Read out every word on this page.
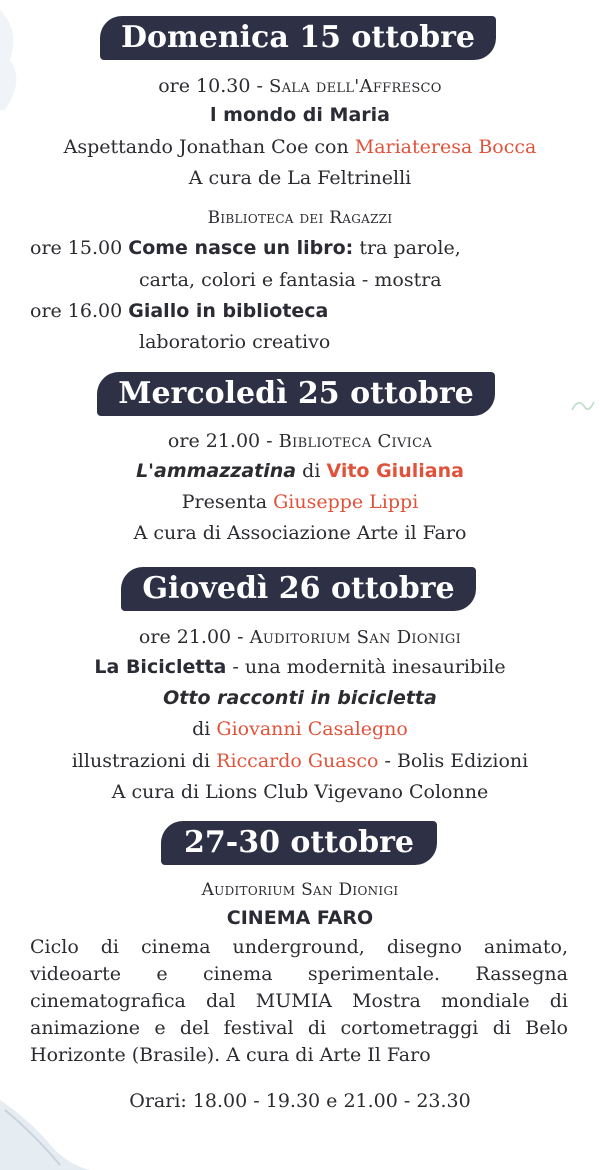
Domenica 15 ottobre
ore 10.30 - Sala dell'Affresco
l mondo di Maria
Aspettando Jonathan Coe con Mariateresa Bocca
A cura de La Feltrinelli
Biblioteca dei Ragazzi
ore 15.00 Come nasce un libro: tra parole,
carta, colori e fantasia - mostra
ore 16.00 Giallo in biblioteca
laboratorio creativo
Mercoledì 25 ottobre
ore 21.00 - Biblioteca Civica
L'ammazzatina di Vito Giuliana
Presenta Giuseppe Lippi
A cura di Associazione Arte il Faro
Giovedì 26 ottobre
ore 21.00 - Auditorium San Dionigi
La Bicicletta - una modernità inesauribile
Otto racconti in bicicletta
di Giovanni Casalegno
illustrazioni di Riccardo Guasco - Bolis Edizioni
A cura di Lions Club Vigevano Colonne
27-30 ottobre
Auditorium San Dionigi
CINEMA FARO
Ciclo di cinema underground, disegno animato, videoarte e cinema sperimentale. Rassegna cinematografica dal MUMIA Mostra mondiale di animazione e del festival di cortometraggi di Belo Horizonte (Brasile). A cura di Arte Il Faro
Orari: 18.00 - 19.30 e 21.00 - 23.30
